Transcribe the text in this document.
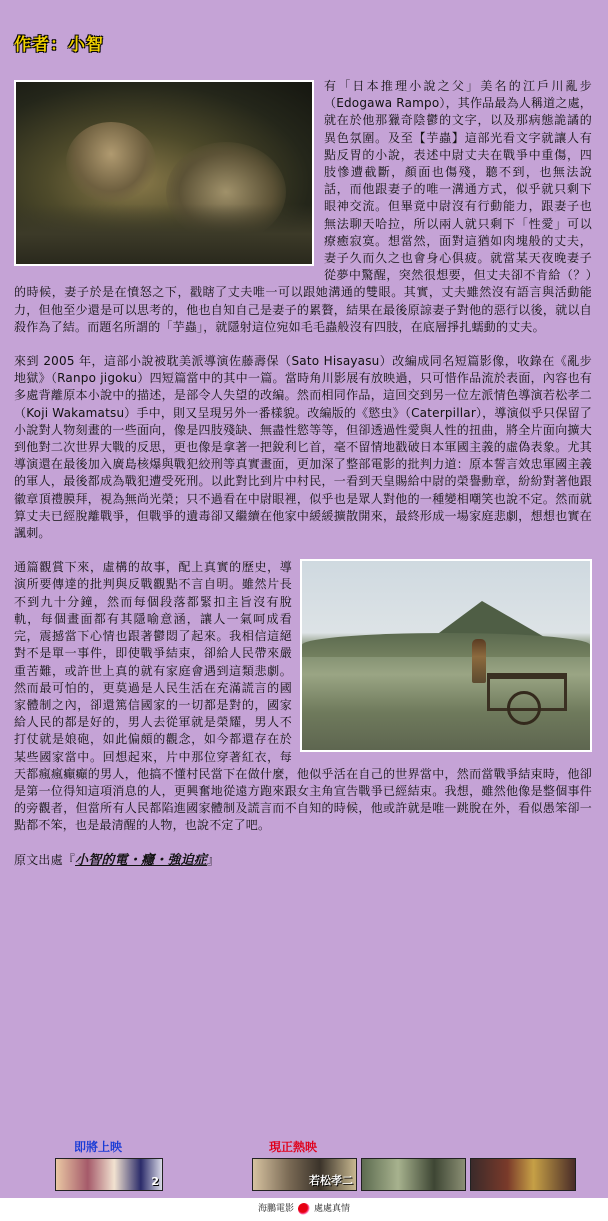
作者：小智

有「日本推理小說之父」美名的江戶川亂步（Edogawa Rampo），其作品最為人稱道之處，就在於他那獵奇陰鬱的文字，以及那病態詭譎的異色氛圍。及至【芋蟲】這部光看文字就讓人有點反胃的小說，表述中尉丈夫在戰爭中重傷，四肢慘遭截斷，顏面也傷殘，聽不到，也無法說話，而他跟妻子的唯一溝通方式，似乎就只剩下眼神交流。但畢竟中尉沒有行動能力，跟妻子也無法聊天哈拉，所以兩人就只剩下「性愛」可以療癒寂寞。想當然，面對這猶如肉塊般的丈夫，妻子久而久之也會身心俱疲。就當某天夜晚妻子從夢中驚醒，突然很想要，但丈夫卻不肯給（？）的時候，妻子於是在憤怒之下，戳瞎了丈夫唯一可以跟她溝通的雙眼。其實，丈夫雖然沒有語言與活動能力，但他至少還是可以思考的，他也自知自己是妻子的累贅，結果在最後原諒妻子對他的惡行以後，就以自殺作為了結。而題名所謂的「芋蟲」，就隱射這位宛如毛毛蟲般沒有四肢，在底層掙扎蠕動的丈夫。

來到 2005 年，這部小說被耽美派導演佐藤壽保（Sato Hisayasu）改編成同名短篇影像，收錄在《亂步地獄》（Ranpo jigoku）四短篇當中的其中一篇。當時角川影展有放映過，只可惜作品流於表面，內容也有多處背離原本小說中的描述，是部令人失望的改編。然而相同作品，這回交到另一位左派情色導演若松孝二（Koji Wakamatsu）手中，則又呈現另外一番樣貌。改編版的《慾虫》（Caterpillar），導演似乎只保留了小說對人物刻畫的一些面向，像是四肢殘缺、無盡性慾等等，但卻透過性愛與人性的扭曲，將全片面向擴大到他對二次世界大戰的反思，更也像是拿著一把銳利匕首，毫不留情地戳破日本軍國主義的虛偽表象。尤其導演還在最後加入廣島核爆與戰犯絞刑等真實畫面，更加深了整部電影的批判力道：原本誓言效忠軍國主義的軍人，最後都成為戰犯遭受死刑。以此對比到片中村民，一看到天皇賜給中尉的榮譽勳章，紛紛對著他跟徽章頂禮膜拜，視為無尚光榮；只不過看在中尉眼裡，似乎也是眾人對他的一種變相嘲笑也說不定。然而就算丈夫已經脫離戰爭，但戰爭的遺毒卻又繼續在他家中緩緩擴散開來，最終形成一場家庭悲劇，想想也實在諷刺。

通篇觀賞下來，虛構的故事，配上真實的歷史，導演所要傳達的批判與反戰觀點不言自明。雖然片長不到九十分鐘，然而每個段落都緊扣主旨沒有脫軌，每個畫面都有其隱喻意涵，讓人一氣呵成看完，震撼當下心情也跟著鬱悶了起來。我相信這絕對不是單一事件，即使戰爭結束，卻給人民帶來嚴重苦難，或許世上真的就有家庭會遇到這類悲劇。然而最可怕的，更莫過是人民生活在充滿謊言的國家體制之內，卻還篤信國家的一切都是對的，國家給人民的都是好的，男人去從軍就是榮耀，男人不打仗就是娘砲，如此偏頗的觀念，如今都還存在於某些國家當中。回想起來，片中那位穿著紅衣，每天都瘋瘋癲癲的男人，他搞不懂村民當下在做什麼，他似乎活在自己的世界當中，然而當戰爭結束時，他卻是第一位得知這項消息的人，更興奮地從遠方跑來跟女主角宣告戰爭已經結束。我想，雖然他像是整個事件的旁觀者，但當所有人民都陷進國家體制及謊言而不自知的時候，他或許就是唯一跳脫在外，看似愚笨卻一點都不笨，也是最清醒的人物，也說不定了吧。

原文出處『小智的電・癮・強迫症』

即將上映	現正熱映
2	若松孝二
海鵬電影 處處真情
